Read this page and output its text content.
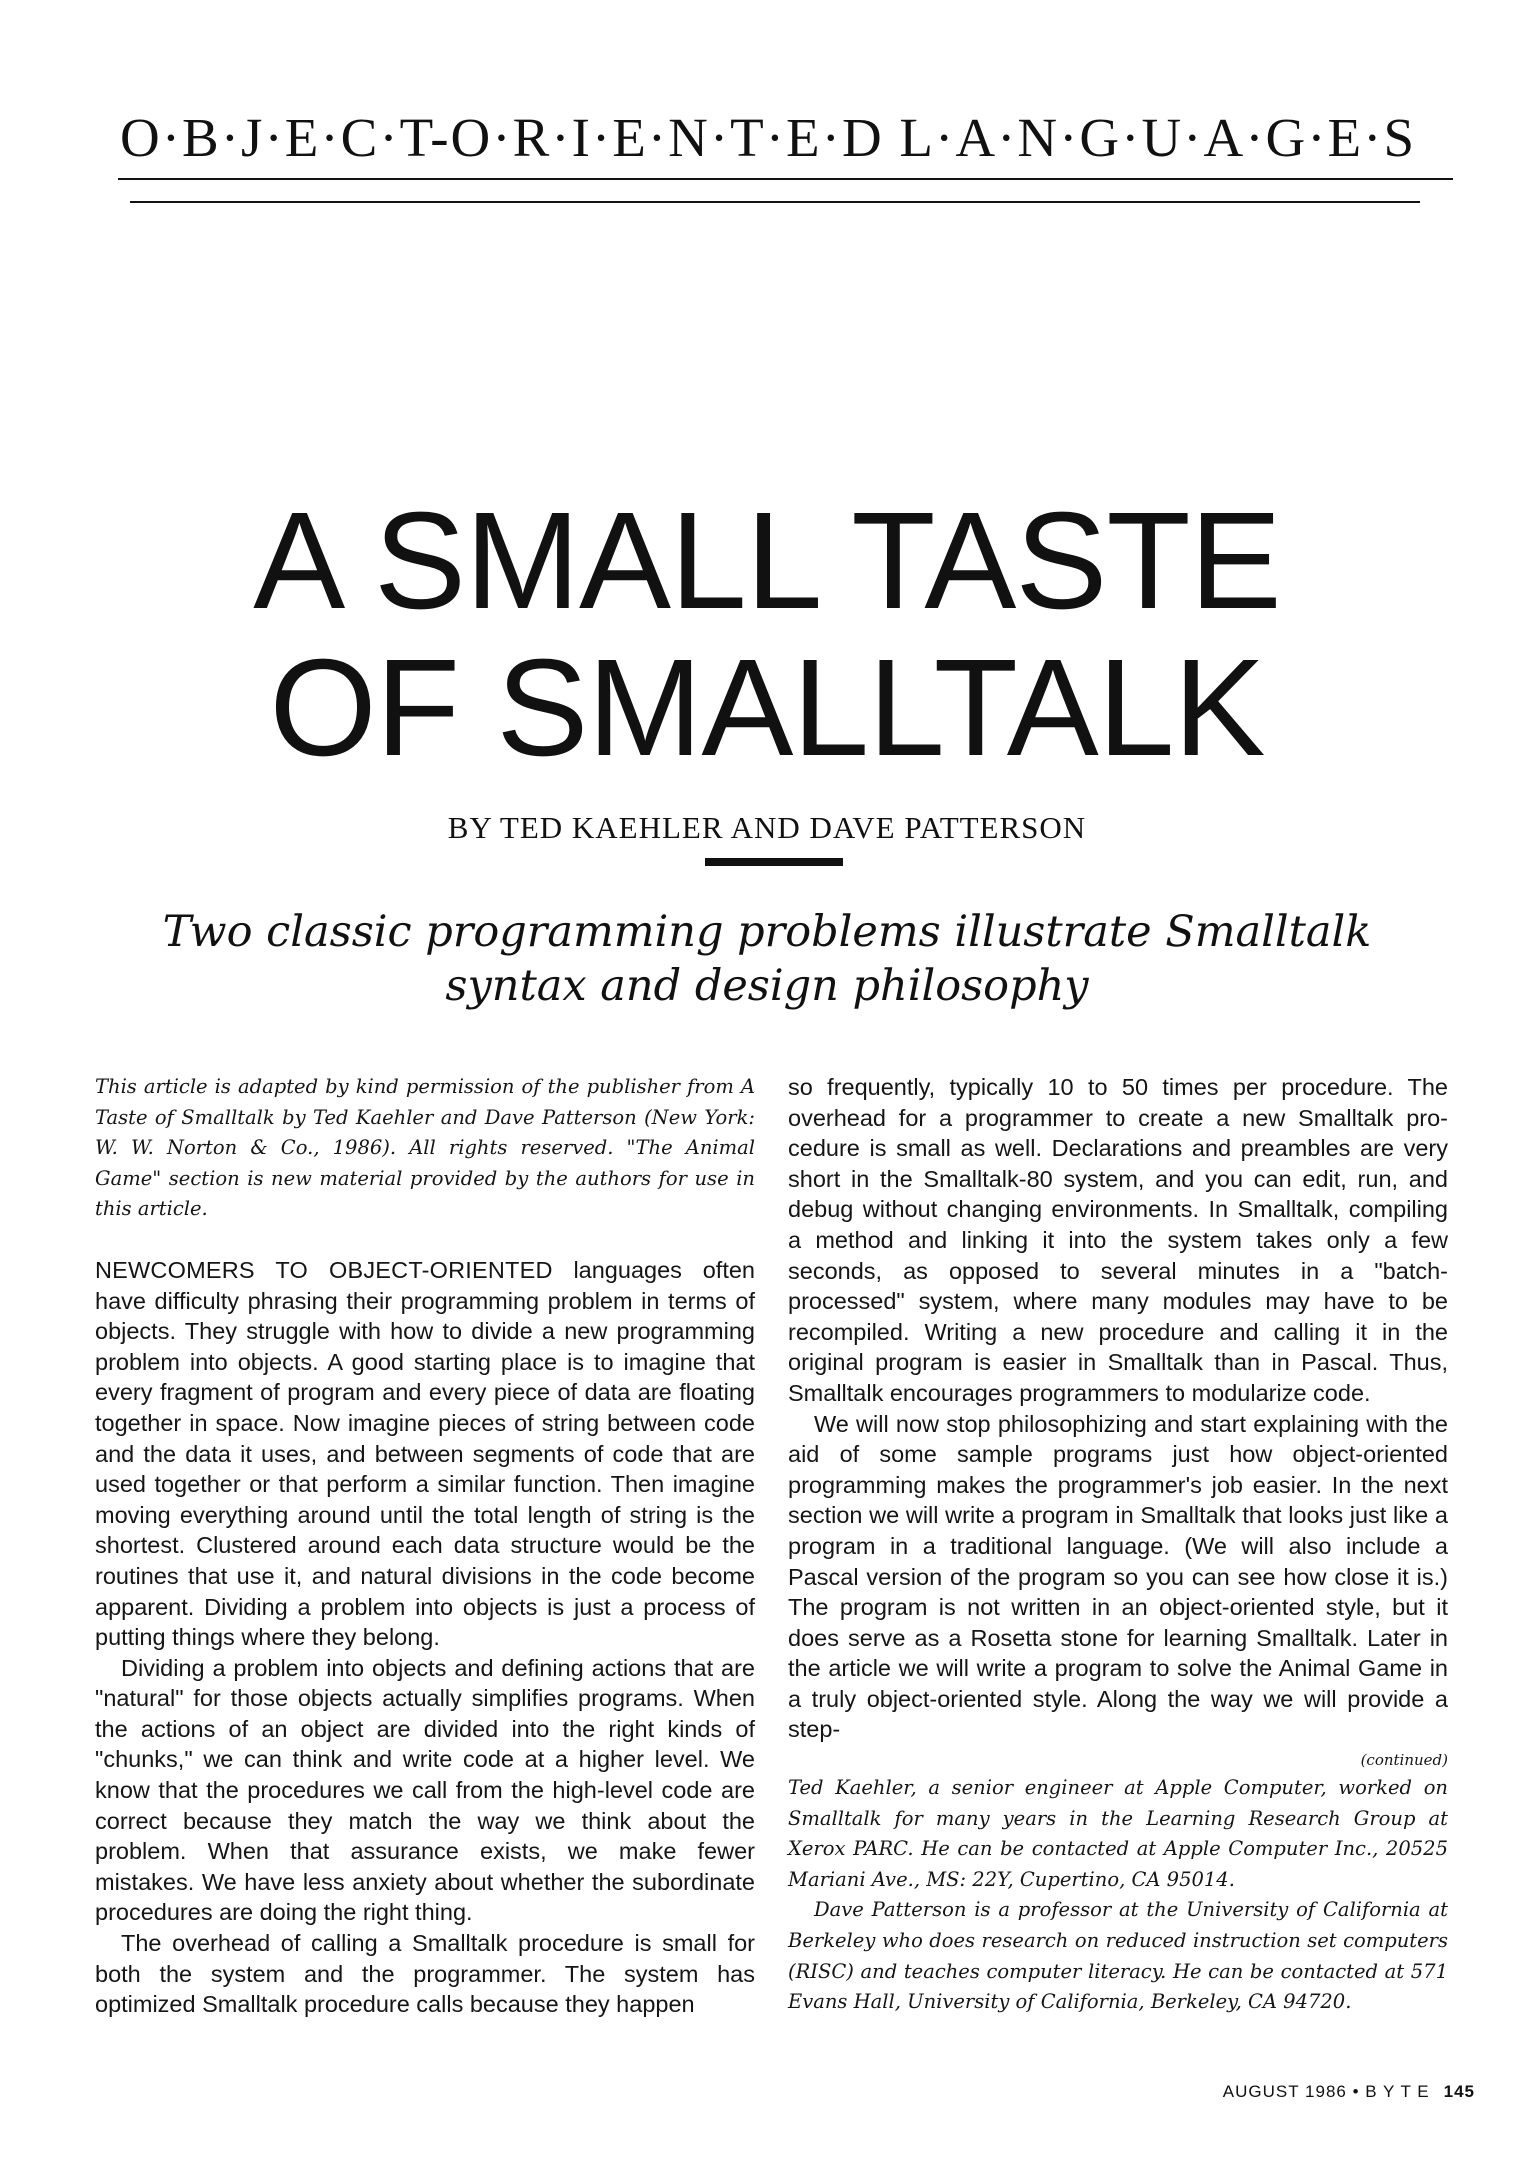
O·B·J·E·C·T-O·R·I·E·N·T·E·D L·A·N·G·U·A·G·E·S
A SMALL TASTE
OF SMALLTALK
BY TED KAEHLER AND DAVE PATTERSON
Two classic programming problems illustrate Smalltalk
syntax and design philosophy

This article is adapted by kind permission of the publisher from A Taste of Smalltalk by Ted Kaehler and Dave Patterson (New York: W. W. Norton & Co., 1986). All rights reserved. "The Animal Game" section is new material provided by the authors for use in this article.

NEWCOMERS TO OBJECT-ORIENTED languages often have difficulty phrasing their programming problem in terms of objects. They struggle with how to divide a new programming problem into objects. A good starting place is to imagine that every fragment of program and every piece of data are floating together in space. Now imagine pieces of string between code and the data it uses, and between segments of code that are used together or that perform a similar function. Then imagine moving everything around until the total length of string is the shortest. Clustered around each data structure would be the routines that use it, and natural divisions in the code become apparent. Dividing a problem into objects is just a process of putting things where they belong.

Dividing a problem into objects and defining actions that are "natural" for those objects actually simplifies programs. When the actions of an object are divided into the right kinds of "chunks," we can think and write code at a higher level. We know that the procedures we call from the high-level code are correct because they match the way we think about the problem. When that assurance exists, we make fewer mistakes. We have less anxiety about whether the subordinate procedures are doing the right thing.

The overhead of calling a Smalltalk procedure is small for both the system and the programmer. The system has optimized Smalltalk procedure calls because they happen

so frequently, typically 10 to 50 times per procedure. The overhead for a programmer to create a new Smalltalk procedure is small as well. Declarations and preambles are very short in the Smalltalk-80 system, and you can edit, run, and debug without changing environments. In Smalltalk, compiling a method and linking it into the system takes only a few seconds, as opposed to several minutes in a "batch-processed" system, where many modules may have to be recompiled. Writing a new procedure and calling it in the original program is easier in Smalltalk than in Pascal. Thus, Smalltalk encourages programmers to modularize code.

We will now stop philosophizing and start explaining with the aid of some sample programs just how object-oriented programming makes the programmer's job easier. In the next section we will write a program in Smalltalk that looks just like a program in a traditional language. (We will also include a Pascal version of the program so you can see how close it is.) The program is not written in an object-oriented style, but it does serve as a Rosetta stone for learning Smalltalk. Later in the article we will write a program to solve the Animal Game in a truly object-oriented style. Along the way we will provide a step-

(continued)

Ted Kaehler, a senior engineer at Apple Computer, worked on Smalltalk for many years in the Learning Research Group at Xerox PARC. He can be contacted at Apple Computer Inc., 20525 Mariani Ave., MS: 22Y, Cupertino, CA 95014.

Dave Patterson is a professor at the University of California at Berkeley who does research on reduced instruction set computers (RISC) and teaches computer literacy. He can be contacted at 571 Evans Hall, University of California, Berkeley, CA 94720.

AUGUST 1986 • B Y T E 145
